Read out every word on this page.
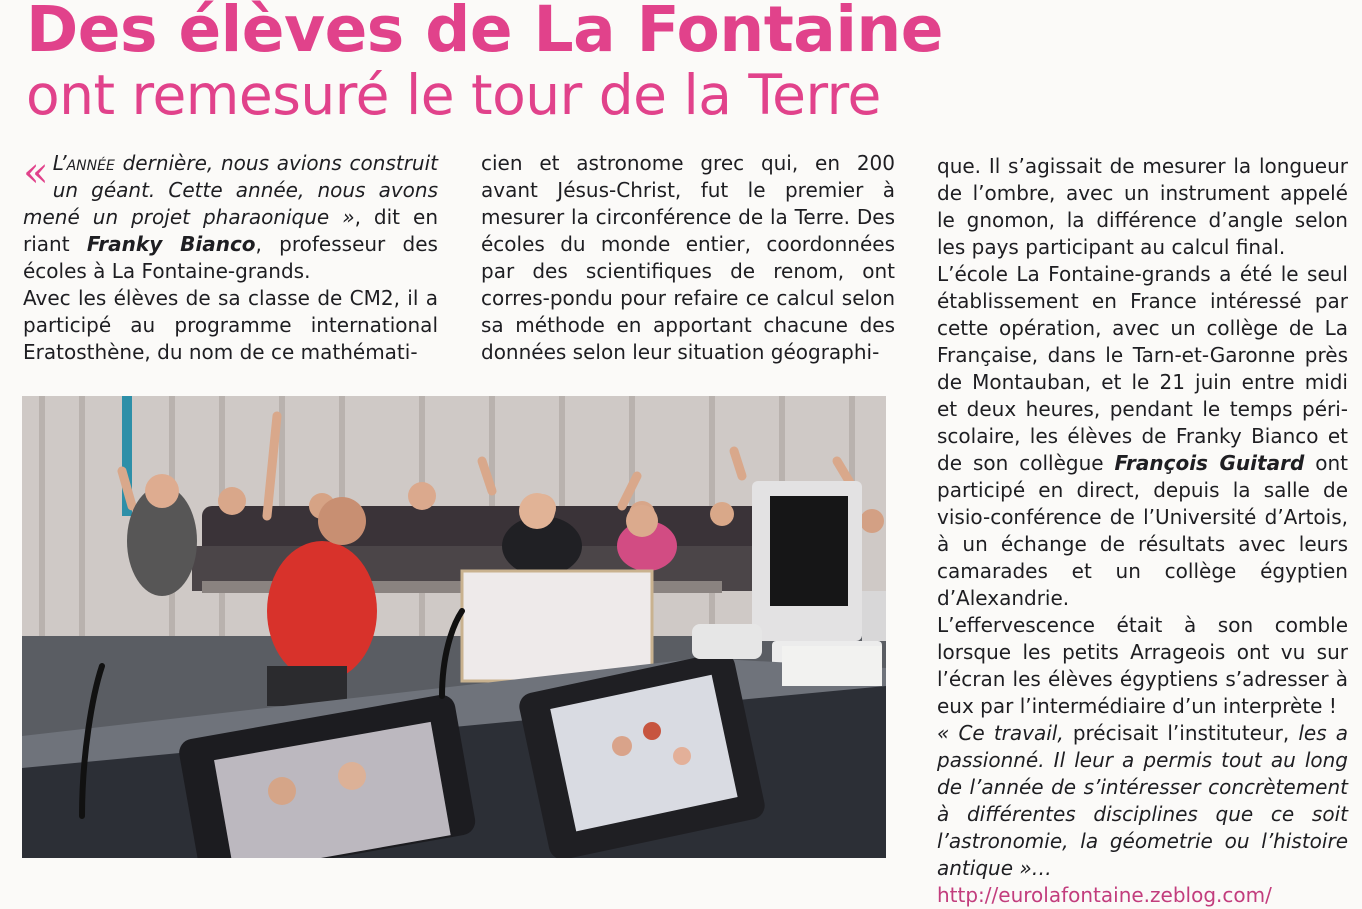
Des élèves de La Fontaine
ont remesuré le tour de la Terre

« L’année dernière, nous avions construit un géant. Cette année, nous avons mené un projet pharaonique », dit en riant Franky Bianco, professeur des écoles à La Fontaine-grands.

Avec les élèves de sa classe de CM2, il a participé au programme international Eratosthène, du nom de ce mathémati-

cien et astronome grec qui, en 200 avant Jésus-Christ, fut le premier à mesurer la circonférence de la Terre. Des écoles du monde entier, coordonnées par des scientifiques de renom, ont corres-pondu pour refaire ce calcul selon sa méthode en apportant chacune des données selon leur situation géographi-

que. Il s’agissait de mesurer la longueur de l’ombre, avec un instrument appelé le gnomon, la différence d’angle selon les pays participant au calcul final.

L’école La Fontaine-grands a été le seul établissement en France intéressé par cette opération, avec un collège de La Française, dans le Tarn-et-Garonne près de Montauban, et le 21 juin entre midi et deux heures, pendant le temps péri-scolaire, les élèves de Franky Bianco et de son collègue François Guitard ont participé en direct, depuis la salle de visio-conférence de l’Université d’Artois, à un échange de résultats avec leurs camarades et un collège égyptien d’Alexandrie.

L’effervescence était à son comble lorsque les petits Arrageois ont vu sur l’écran les élèves égyptiens s’adresser à eux par l’intermédiaire d’un interprète !

« Ce travail, précisait l’instituteur, les a passionné. Il leur a permis tout au long de l’année de s’intéresser concrètement à différentes disciplines que ce soit l’astronomie, la géometrie ou l’histoire antique »…

http://eurolafontaine.zeblog.com/
